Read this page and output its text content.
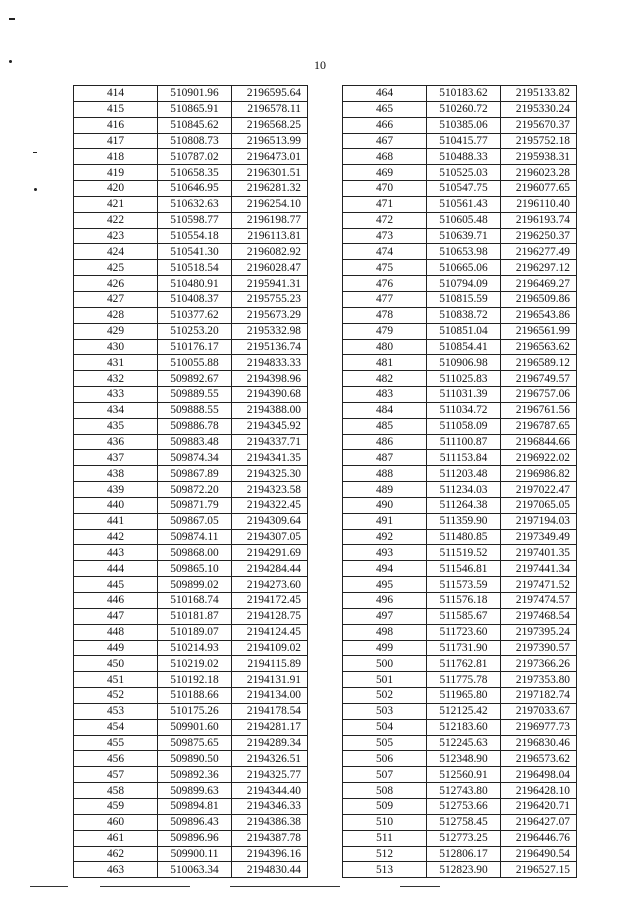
10
414	510901.96	2196595.64
415	510865.91	2196578.11
416	510845.62	2196568.25
417	510808.73	2196513.99
418	510787.02	2196473.01
419	510658.35	2196301.51
420	510646.95	2196281.32
421	510632.63	2196254.10
422	510598.77	2196198.77
423	510554.18	2196113.81
424	510541.30	2196082.92
425	510518.54	2196028.47
426	510480.91	2195941.31
427	510408.37	2195755.23
428	510377.62	2195673.29
429	510253.20	2195332.98
430	510176.17	2195136.74
431	510055.88	2194833.33
432	509892.67	2194398.96
433	509889.55	2194390.68
434	509888.55	2194388.00
435	509886.78	2194345.92
436	509883.48	2194337.71
437	509874.34	2194341.35
438	509867.89	2194325.30
439	509872.20	2194323.58
440	509871.79	2194322.45
441	509867.05	2194309.64
442	509874.11	2194307.05
443	509868.00	2194291.69
444	509865.10	2194284.44
445	509899.02	2194273.60
446	510168.74	2194172.45
447	510181.87	2194128.75
448	510189.07	2194124.45
449	510214.93	2194109.02
450	510219.02	2194115.89
451	510192.18	2194131.91
452	510188.66	2194134.00
453	510175.26	2194178.54
454	509901.60	2194281.17
455	509875.65	2194289.34
456	509890.50	2194326.51
457	509892.36	2194325.77
458	509899.63	2194344.40
459	509894.81	2194346.33
460	509896.43	2194386.38
461	509896.96	2194387.78
462	509900.11	2194396.16
463	510063.34	2194830.44
464	510183.62	2195133.82
465	510260.72	2195330.24
466	510385.06	2195670.37
467	510415.77	2195752.18
468	510488.33	2195938.31
469	510525.03	2196023.28
470	510547.75	2196077.65
471	510561.43	2196110.40
472	510605.48	2196193.74
473	510639.71	2196250.37
474	510653.98	2196277.49
475	510665.06	2196297.12
476	510794.09	2196469.27
477	510815.59	2196509.86
478	510838.72	2196543.86
479	510851.04	2196561.99
480	510854.41	2196563.62
481	510906.98	2196589.12
482	511025.83	2196749.57
483	511031.39	2196757.06
484	511034.72	2196761.56
485	511058.09	2196787.65
486	511100.87	2196844.66
487	511153.84	2196922.02
488	511203.48	2196986.82
489	511234.03	2197022.47
490	511264.38	2197065.05
491	511359.90	2197194.03
492	511480.85	2197349.49
493	511519.52	2197401.35
494	511546.81	2197441.34
495	511573.59	2197471.52
496	511576.18	2197474.57
497	511585.67	2197468.54
498	511723.60	2197395.24
499	511731.90	2197390.57
500	511762.81	2197366.26
501	511775.78	2197353.80
502	511965.80	2197182.74
503	512125.42	2197033.67
504	512183.60	2196977.73
505	512245.63	2196830.46
506	512348.90	2196573.62
507	512560.91	2196498.04
508	512743.80	2196428.10
509	512753.66	2196420.71
510	512758.45	2196427.07
511	512773.25	2196446.76
512	512806.17	2196490.54
513	512823.90	2196527.15
